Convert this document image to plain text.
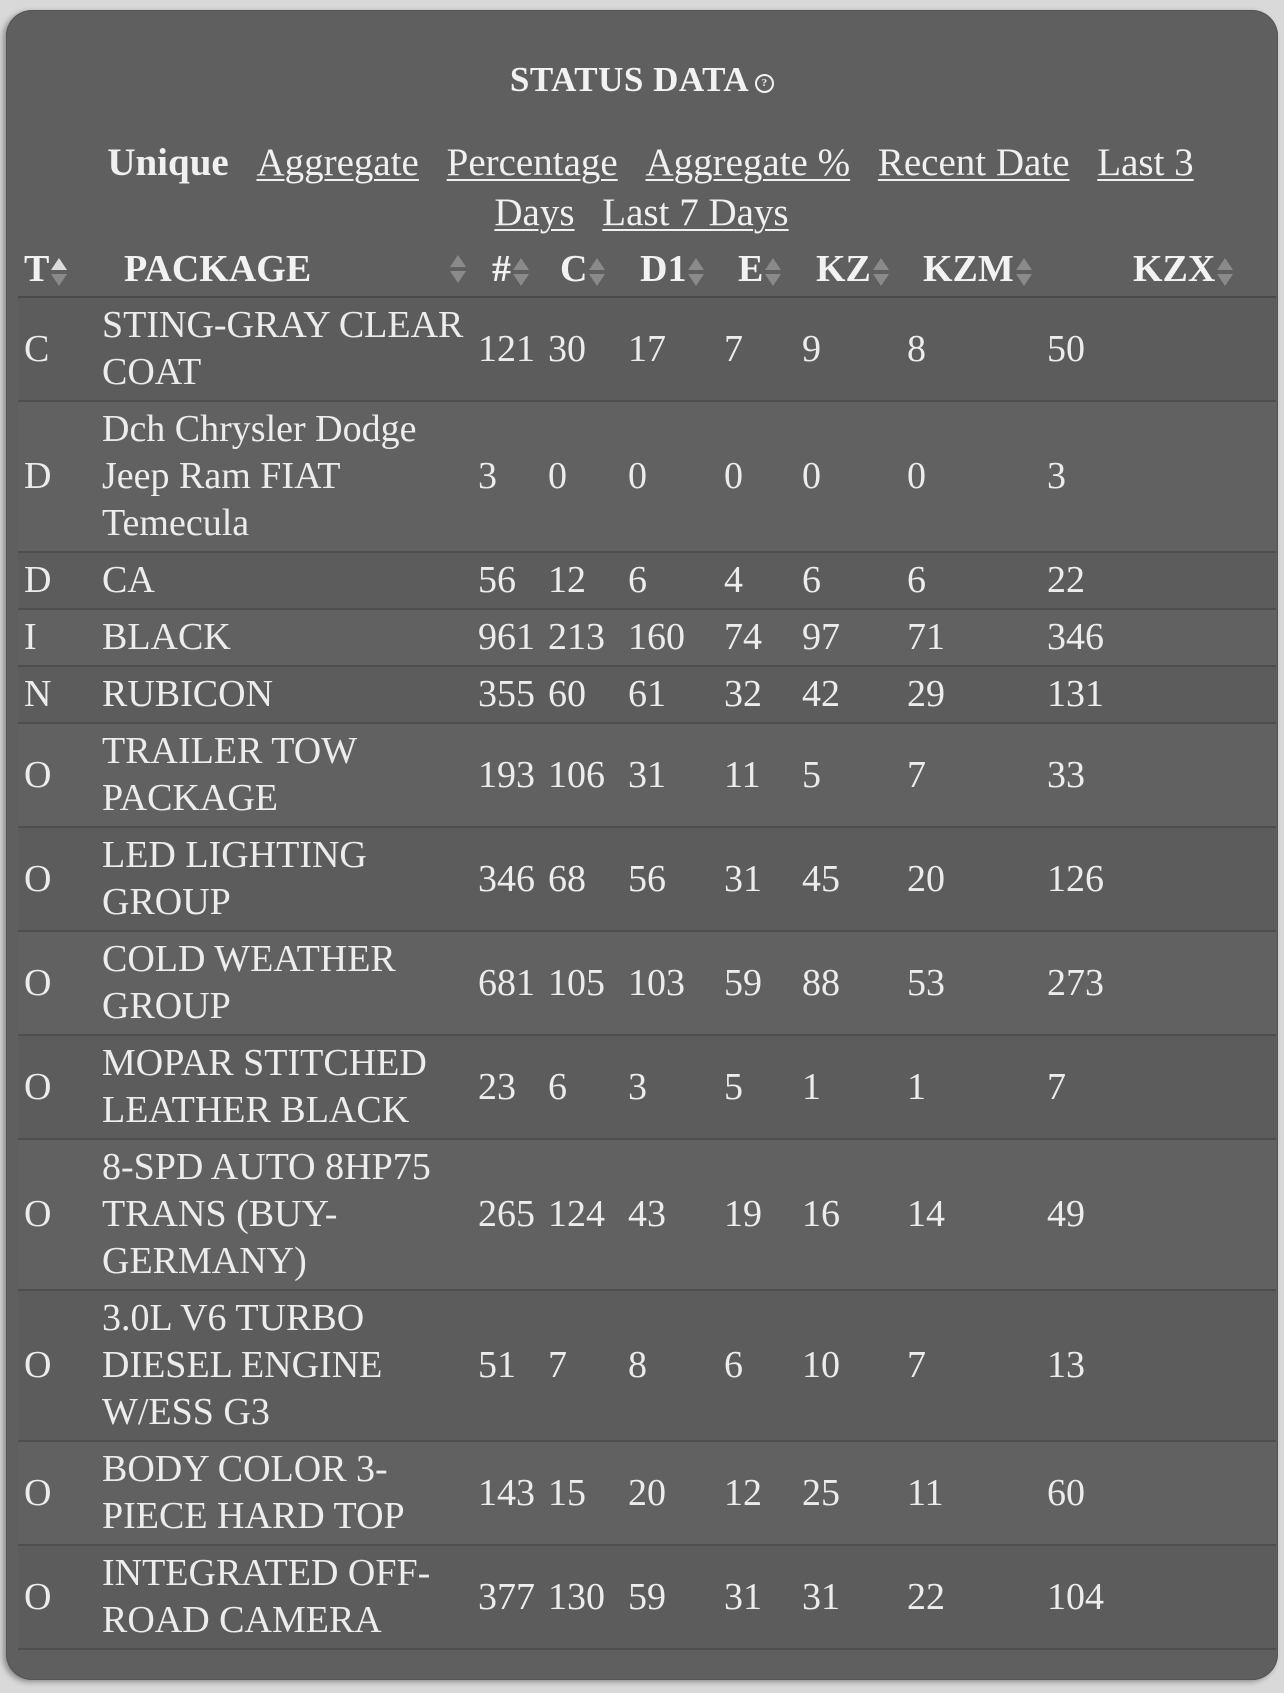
STATUS DATA ?
Unique Aggregate Percentage Aggregate % Recent Date Last 3 Days Last 7 Days
T	PACKAGE	#	C	D1	E	KZ	KZM	KZX
C	STING-GRAY CLEAR COAT	121	30	17	7	9	8	50
D	Dch Chrysler Dodge Jeep Ram FIAT Temecula	3	0	0	0	0	0	3
D	CA	56	12	6	4	6	6	22
I	BLACK	961	213	160	74	97	71	346
N	RUBICON	355	60	61	32	42	29	131
O	TRAILER TOW PACKAGE	193	106	31	11	5	7	33
O	LED LIGHTING GROUP	346	68	56	31	45	20	126
O	COLD WEATHER GROUP	681	105	103	59	88	53	273
O	MOPAR STITCHED LEATHER BLACK	23	6	3	5	1	1	7
O	8-SPD AUTO 8HP75 TRANS (BUY-GERMANY)	265	124	43	19	16	14	49
O	3.0L V6 TURBO DIESEL ENGINE W/ESS G3	51	7	8	6	10	7	13
O	BODY COLOR 3-PIECE HARD TOP	143	15	20	12	25	11	60
O	INTEGRATED OFF-ROAD CAMERA	377	130	59	31	31	22	104
